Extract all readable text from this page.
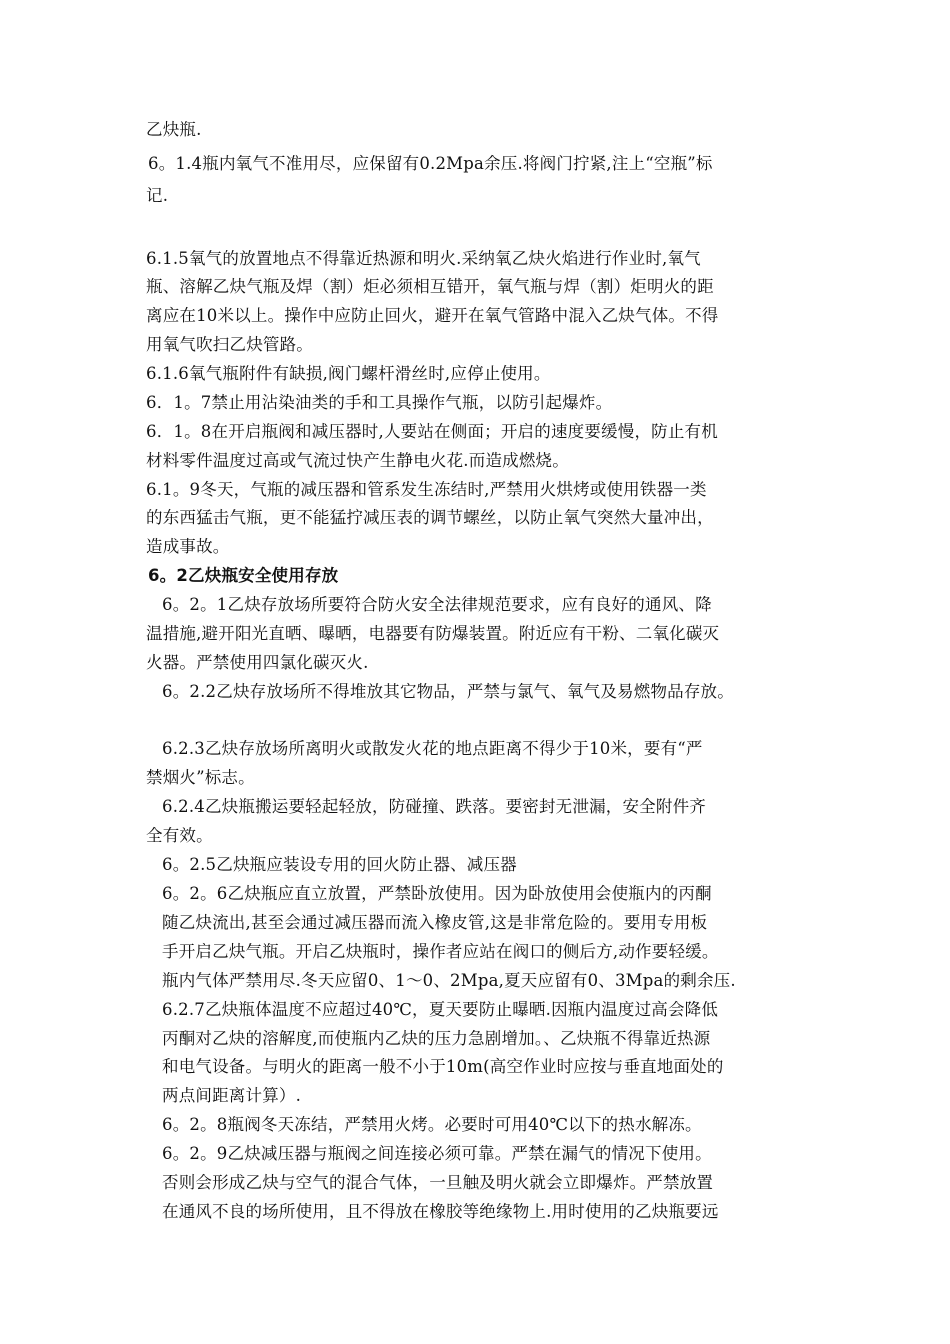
乙炔瓶.
6。1.4瓶内氧气不准用尽，应保留有0.2Mpa余压.将阀门拧紧,注上“空瓶”标
记.
6.1.5氧气的放置地点不得靠近热源和明火.采纳氧乙炔火焰进行作业时,氧气
瓶、溶解乙炔气瓶及焊（割）炬必须相互错开，氧气瓶与焊（割）炬明火的距
离应在10米以上。操作中应防止回火，避开在氧气管路中混入乙炔气体。不得
用氧气吹扫乙炔管路。
6.1.6氧气瓶附件有缺损,阀门螺杆滑丝时,应停止使用。
6．1。7禁止用沾染油类的手和工具操作气瓶，以防引起爆炸。
6．1。8在开启瓶阀和减压器时,人要站在侧面；开启的速度要缓慢，防止有机
材料零件温度过高或气流过快产生静电火花.而造成燃烧。
6.1。9冬天，气瓶的减压器和管系发生冻结时,严禁用火烘烤或使用铁器一类
的东西猛击气瓶，更不能猛拧减压表的调节螺丝，以防止氧气突然大量冲出，
造成事故。
6。2乙炔瓶安全使用存放
6。2。1乙炔存放场所要符合防火安全法律规范要求，应有良好的通风、降
温措施,避开阳光直晒、曝晒，电器要有防爆装置。附近应有干粉、二氧化碳灭
火器。严禁使用四氯化碳灭火.
6。2.2乙炔存放场所不得堆放其它物品，严禁与氯气、氧气及易燃物品存放。
6.2.3乙炔存放场所离明火或散发火花的地点距离不得少于10米，要有“严
禁烟火”标志。
6.2.4乙炔瓶搬运要轻起轻放，防碰撞、跌落。要密封无泄漏，安全附件齐
全有效。
6。2.5乙炔瓶应装设专用的回火防止器、减压器
6。2。6乙炔瓶应直立放置，严禁卧放使用。因为卧放使用会使瓶内的丙酮
随乙炔流出,甚至会通过减压器而流入橡皮管,这是非常危险的。要用专用板
手开启乙炔气瓶。开启乙炔瓶时，操作者应站在阀口的侧后方,动作要轻缓。
瓶内气体严禁用尽.冬天应留0、1～0、2Mpa,夏天应留有0、3Mpa的剩余压.
6.2.7乙炔瓶体温度不应超过40℃，夏天要防止曝晒.因瓶内温度过高会降低
丙酮对乙炔的溶解度,而使瓶内乙炔的压力急剧增加。、乙炔瓶不得靠近热源
和电气设备。与明火的距离一般不小于10m(高空作业时应按与垂直地面处的
两点间距离计算）.
6。2。8瓶阀冬天冻结，严禁用火烤。必要时可用40℃以下的热水解冻。
6。2。9乙炔减压器与瓶阀之间连接必须可靠。严禁在漏气的情况下使用。
否则会形成乙炔与空气的混合气体，一旦触及明火就会立即爆炸。严禁放置
在通风不良的场所使用，且不得放在橡胶等绝缘物上.用时使用的乙炔瓶要远
